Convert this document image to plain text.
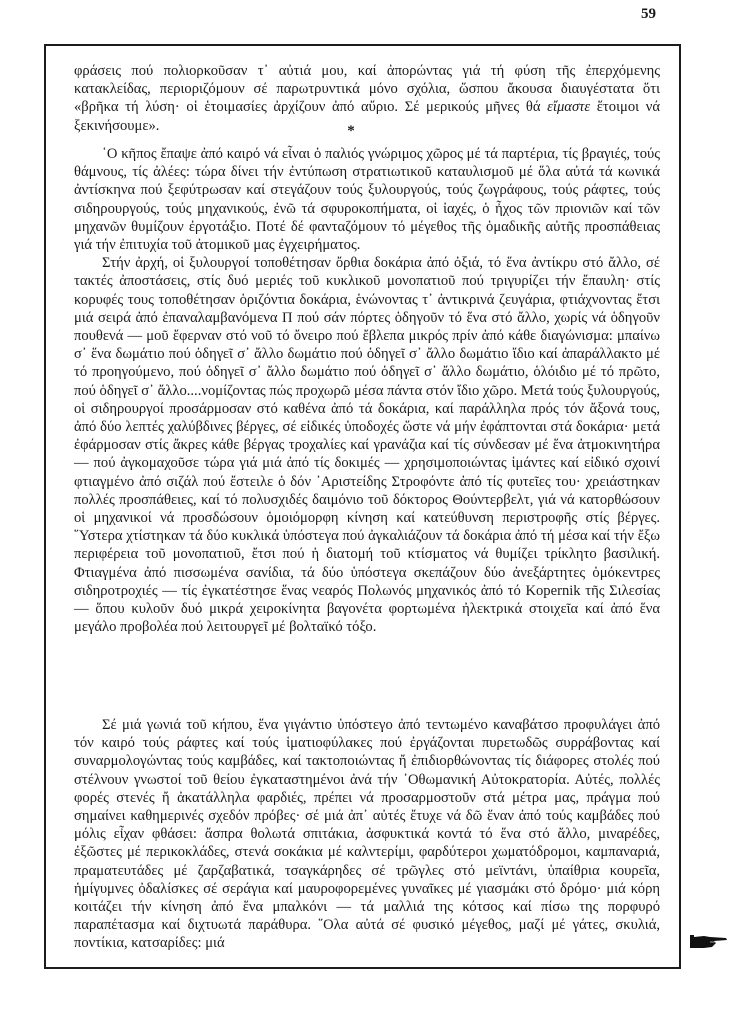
59

φράσεις πού πολιορκοῦσαν τ᾽ αὐτιά μου, καί ἀπορώντας γιά τή φύση τῆς ἐπερχόμενης κατακλείδας, περιοριζόμουν σέ παρωτρυντικά μόνο σχόλια, ὥσπου ἄκουσα διαυγέστατα ὅτι «βρῆκα τή λύση· οἱ ἑτοιμασίες ἀρχίζουν ἀπό αὔριο. Σέ μερικούς μῆνες θά εἴμαστε ἕτοιμοι νά ξεκινήσουμε».	*

῾Ο κῆπος ἔπαψε ἀπό καιρό νά εἶναι ὁ παλιός γνώριμος χῶρος μέ τά παρτέρια, τίς βραγιές, τούς θάμνους, τίς ἀλέες: τώρα δίνει τήν ἐντύπωση στρατιωτικοῦ καταυλισμοῦ μέ ὅλα αὐτά τά κωνικά ἀντίσκηνα πού ξεφύτρωσαν καί στεγάζουν τούς ξυλουργούς, τούς ζωγράφους, τούς ράφτες, τούς σιδηρουργούς, τούς μηχανικούς, ἐνῶ τά σφυροκοπήματα, οἱ ἰαχές, ὁ ἦχος τῶν πριονιῶν καί τῶν μηχανῶν θυμίζουν ἐργοτάξιο. Ποτέ δέ φανταζόμουν τό μέγεθος τῆς ὁμαδικῆς αὐτῆς προσπάθειας γιά τήν ἐπιτυχία τοῦ ἀτομικοῦ μας ἐγχειρήματος.

Στήν ἀρχή, οἱ ξυλουργοί τοποθέτησαν ὄρθια δοκάρια ἀπό ὀξιά, τό ἕνα ἀντίκρυ στό ἄλλο, σέ τακτές ἀποστάσεις, στίς δυό μεριές τοῦ κυκλικοῦ μονοπατιοῦ πού τριγυρίζει τήν ἔπαυλη· στίς κορυφές τους τοποθέτησαν ὁριζόντια δοκάρια, ἑνώνοντας τ᾽ ἀντικρινά ζευγάρια, φτιάχνοντας ἔτσι μιά σειρά ἀπό ἐπαναλαμβανόμενα Π πού σάν πόρτες ὁδηγοῦν τό ἕνα στό ἄλλο, χωρίς νά ὁδηγοῦν πουθενά — μοῦ ἔφερναν στό νοῦ τό ὄνειρο πού ἔβλεπα μικρός πρίν ἀπό κάθε διαγώνισμα: μπαίνω σ᾽ ἕνα δωμάτιο πού ὁδηγεῖ σ᾽ ἄλλο δωμάτιο πού ὁδηγεῖ σ᾽ ἄλλο δωμάτιο ἴδιο καί ἀπαράλλακτο μέ τό προηγούμενο, πού ὁδηγεῖ σ᾽ ἄλλο δωμάτιο πού ὁδηγεῖ σ᾽ ἄλλο δωμάτιο, ὁλόιδιο μέ τό πρῶτο, πού ὁδηγεῖ σ᾽ ἄλλο....νομίζοντας πώς προχωρῶ μέσα πάντα στόν ἴδιο χῶρο. Μετά τούς ξυλουργούς, οἱ σιδηρουργοί προσάρμοσαν στό καθένα ἀπό τά δοκάρια, καί παράλληλα πρός τόν ἄξονά τους, ἀπό δύο λεπτές χαλύβδινες βέργες, σέ εἰδικές ὑποδοχές ὥστε νά μήν ἐφάπτονται στά δοκάρια· μετά ἐφάρμοσαν στίς ἄκρες κάθε βέργας τροχαλίες καί γρανάζια καί τίς σύνδεσαν μέ ἕνα ἀτμοκινητήρα — πού ἀγκομαχοῦσε τώρα γιά μιά ἀπό τίς δοκιμές — χρησιμοποιώντας ἱμάντες καί εἰδικό σχοινί φτιαγμένο ἀπό σιζάλ πού ἔστειλε ὁ δόν ᾽Αριστείδης Στροφόντε ἀπό τίς φυτεῖες του· χρειάστηκαν πολλές προσπάθειες, καί τό πολυσχιδές δαιμόνιο τοῦ δόκτορος Θούντερβελτ, γιά νά κατορθώσουν οἱ μηχανικοί νά προσδώσουν ὁμοιόμορφη κίνηση καί κατεύθυνση περιστροφῆς στίς βέργες. ῞Υστερα χτίστηκαν τά δύο κυκλικά ὑπόστεγα πού ἀγκαλιάζουν τά δοκάρια ἀπό τή μέσα καί τήν ἔξω περιφέρεια τοῦ μονοπατιοῦ, ἔτσι πού ἡ διατομή τοῦ κτίσματος νά θυμίζει τρίκλητο βασιλική. Φτιαγμένα ἀπό πισσωμένα σανίδια, τά δύο ὑπόστεγα σκεπάζουν δύο ἀνεξάρτητες ὁμόκεντρες σιδηροτροχιές — τίς ἐγκατέστησε ἕνας νεαρός Πολωνός μηχανικός ἀπό τό Kopernik τῆς Σιλεσίας — ὅπου κυλοῦν δυό μικρά χειροκίνητα βαγονέτα φορτωμένα ἠλεκτρικά στοιχεῖα καί ἀπό ἕνα μεγάλο προβολέα πού λειτουργεῖ μέ βολταϊκό τόξο.

Σέ μιά γωνιά τοῦ κήπου, ἕνα γιγάντιο ὑπόστεγο ἀπό τεντωμένο καναβάτσο προφυλάγει ἀπό τόν καιρό τούς ράφτες καί τούς ἱματιοφύλακες πού ἐργάζονται πυρετωδῶς συρράβοντας καί συναρμολογώντας τούς καμβάδες, καί τακτοποιώντας ἤ ἐπιδιορθώνοντας τίς διάφορες στολές πού στέλνουν γνωστοί τοῦ θείου ἐγκαταστημένοι ἀνά τήν ᾽Οθωμανική Αὐτοκρατορία. Αὐτές, πολλές φορές στενές ἤ ἀκατάλληλα φαρδιές, πρέπει νά προσαρμοστοῦν στά μέτρα μας, πράγμα πού σημαίνει καθημερινές σχεδόν πρόβες· σέ μιά ἀπ᾽ αὐτές ἔτυχε νά δῶ ἕναν ἀπό τούς καμβάδες πού μόλις εἶχαν φθάσει: ἄσπρα θολωτά σπιτάκια, ἀσφυκτικά κοντά τό ἕνα στό ἄλλο, μιναρέδες, ἐξῶστες μέ περικοκλάδες, στενά σοκάκια μέ καλντερίμι, φαρδύτεροι χωματόδρομοι, καμπαναριά, πραματευτάδες μέ ζαρζαβατικά, τσαγκάρηδες σέ τρῶγλες στό μεϊντάνι, ὑπαίθρια κουρεῖα, ἡμίγυμνες ὀδαλίσκες σέ σεράγια καί μαυροφορεμένες γυναῖκες μέ γιασμάκι στό δρόμο· μιά κόρη κοιτάζει τήν κίνηση ἀπό ἕνα μπαλκόνι — τά μαλλιά της κότσος καί πίσω της πορφυρό παραπέτασμα καί διχτυωτά παράθυρα. ῞Ολα αὐτά σέ φυσικό μέγεθος, μαζί μέ γάτες, σκυλιά, ποντίκια, κατσαρίδες: μιά
